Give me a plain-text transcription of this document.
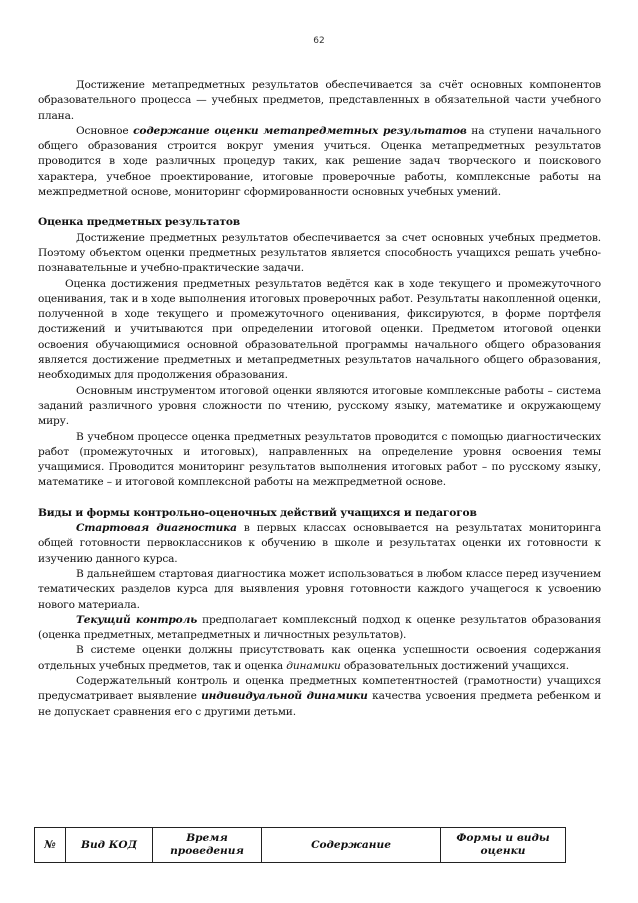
62

Достижение метапредметных результатов обеспечивается за счёт основных компонентов образовательного процесса — учебных предметов, представленных в обязательной части учебного плана.

Основное содержание оценки метапредметных результатов на ступени начального общего образования строится вокруг умения учиться. Оценка метапредметных результатов проводится в ходе различных процедур таких, как решение задач творческого и поискового характера, учебное проектирование, итоговые проверочные работы, комплексные работы на межпредметной основе, мониторинг сформированности основных учебных умений.

Оценка предметных результатов

Достижение предметных результатов обеспечивается за счет основных учебных предметов. Поэтому объектом оценки предметных результатов является способность учащихся решать учебно-познавательные и учебно-практические задачи.

Оценка достижения предметных результатов ведётся как в ходе текущего и промежуточного оценивания, так и в ходе выполнения итоговых проверочных работ. Результаты накопленной оценки, полученной в ходе текущего и промежуточного оценивания, фиксируются, в форме портфеля достижений и учитываются при определении итоговой оценки. Предметом итоговой оценки освоения обучающимися основной образовательной программы начального общего образования является достижение предметных и метапредметных результатов начального общего образования, необходимых для продолжения образования.

Основным инструментом итоговой оценки являются итоговые комплексные работы – система заданий различного уровня сложности по чтению, русскому языку, математике и окружающему миру.

В учебном процессе оценка предметных результатов проводится с помощью диагностических работ (промежуточных и итоговых), направленных на определение уровня освоения темы учащимися. Проводится мониторинг результатов выполнения итоговых работ – по русскому языку, математике – и итоговой комплексной работы на межпредметной основе.

Виды и формы контрольно-оценочных действий учащихся и педагогов

Стартовая диагностика в первых классах основывается на результатах мониторинга общей готовности первоклассников к обучению в школе и результатах оценки их готовности к изучению данного курса.

В дальнейшем стартовая диагностика может использоваться в любом классе перед изучением тематических разделов курса для выявления уровня готовности каждого учащегося к усвоению нового материала.

Текущий контроль предполагает комплексный подход к оценке результатов образования (оценка предметных, метапредметных и личностных результатов).

В системе оценки должны присутствовать как оценка успешности освоения содержания отдельных учебных предметов, так и оценка динамики образовательных достижений учащихся.

Содержательный контроль и оценка предметных компетентностей (грамотности) учащихся предусматривает выявление индивидуальной динамики качества усвоения предмета ребенком и не допускает сравнения его с другими детьми.

№	Вид КОД	Время проведения	Содержание	Формы и виды оценки
